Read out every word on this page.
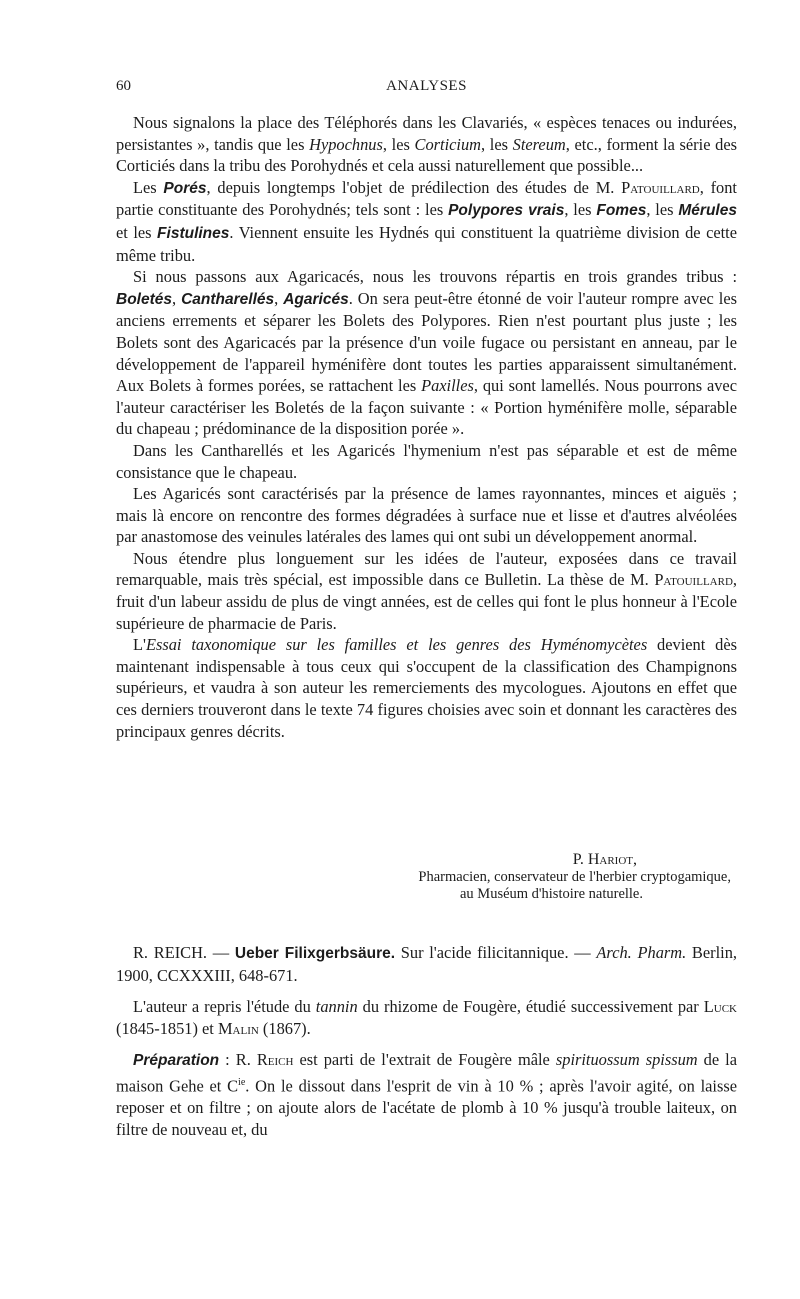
60	ANALYSES

Nous signalons la place des Téléphorés dans les Clavariés, « espèces tenaces ou indurées, persistantes », tandis que les Hypochnus, les Corticium, les Stereum, etc., forment la série des Corticiés dans la tribu des Porohydnés et cela aussi naturellement que possible...

Les Porés, depuis longtemps l'objet de prédilection des études de M. Patouillard, font partie constituante des Porohydnés; tels sont : les Polypores vrais, les Fomes, les Mérules et les Fistulines. Viennent ensuite les Hydnés qui constituent la quatrième division de cette même tribu.

Si nous passons aux Agaricacés, nous les trouvons répartis en trois grandes tribus : Boletés, Cantharellés, Agaricés. On sera peut-être étonné de voir l'auteur rompre avec les anciens errements et séparer les Bolets des Polypores. Rien n'est pourtant plus juste ; les Bolets sont des Agaricacés par la présence d'un voile fugace ou persistant en anneau, par le développement de l'appareil hyménifère dont toutes les parties apparaissent simultanément. Aux Bolets à formes porées, se rattachent les Paxilles, qui sont lamellés. Nous pourrons avec l'auteur caractériser les Boletés de la façon suivante : « Portion hyménifère molle, séparable du chapeau ; prédominance de la disposition porée ».

Dans les Cantharellés et les Agaricés l'hymenium n'est pas séparable et est de même consistance que le chapeau.

Les Agaricés sont caractérisés par la présence de lames rayonnantes, minces et aiguës ; mais là encore on rencontre des formes dégradées à surface nue et lisse et d'autres alvéolées par anastomose des veinules latérales des lames qui ont subi un développement anormal.

Nous étendre plus longuement sur les idées de l'auteur, exposées dans ce travail remarquable, mais très spécial, est impossible dans ce Bulletin. La thèse de M. Patouillard, fruit d'un labeur assidu de plus de vingt années, est de celles qui font le plus honneur à l'Ecole supérieure de pharmacie de Paris.

L'Essai taxonomique sur les familles et les genres des Hyménomycètes devient dès maintenant indispensable à tous ceux qui s'occupent de la classification des Champignons supérieurs, et vaudra à son auteur les remerciements des mycologues. Ajoutons en effet que ces derniers trouveront dans le texte 74 figures choisies avec soin et donnant les caractères des principaux genres décrits.

P. Hariot,
Pharmacien, conservateur de l'herbier cryptogamique,
au Muséum d'histoire naturelle.
R. REICH. — Ueber Filixgerbsäure. Sur l'acide filicitannique. — Arch. Pharm. Berlin, 1900, CCXXXIII, 648-671.

L'auteur a repris l'étude du tannin du rhizome de Fougère, étudié successivement par Luck (1845-1851) et Malin (1867).

Préparation : R. Reich est parti de l'extrait de Fougère mâle spirituossum spissum de la maison Gehe et $C^{ie}$. On le dissout dans l'esprit de vin à 10 % ; après l'avoir agité, on laisse reposer et on filtre ; on ajoute alors de l'acétate de plomb à 10 % jusqu'à trouble laiteux, on filtre de nouveau et, du
